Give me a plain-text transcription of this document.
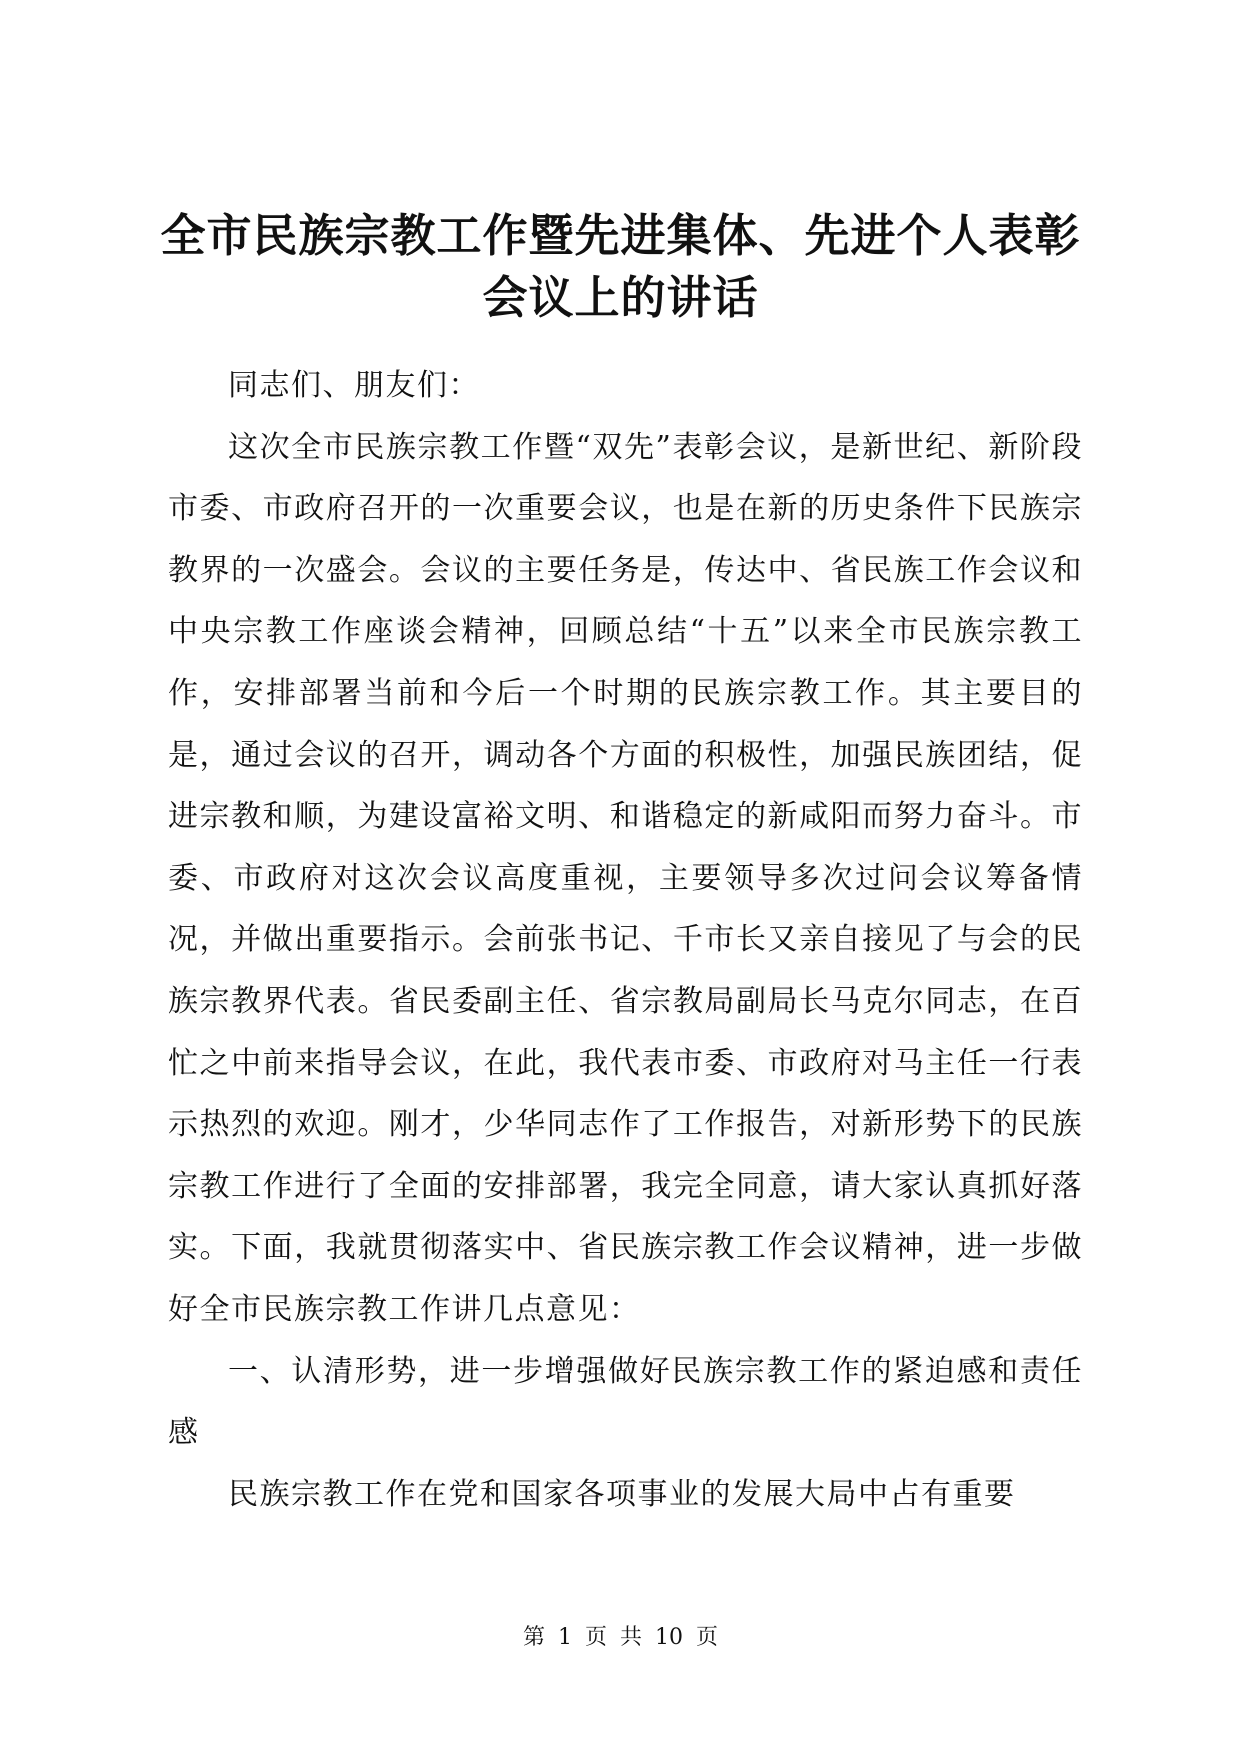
全市民族宗教工作暨先进集体、先进个人表彰
会议上的讲话

同志们、朋友们：

这次全市民族宗教工作暨“双先”表彰会议，是新世纪、新阶段市委、市政府召开的一次重要会议，也是在新的历史条件下民族宗教界的一次盛会。会议的主要任务是，传达中、省民族工作会议和中央宗教工作座谈会精神，回顾总结“十五”以来全市民族宗教工作，安排部署当前和今后一个时期的民族宗教工作。其主要目的是，通过会议的召开，调动各个方面的积极性，加强民族团结，促进宗教和顺，为建设富裕文明、和谐稳定的新咸阳而努力奋斗。市委、市政府对这次会议高度重视，主要领导多次过问会议筹备情况，并做出重要指示。会前张书记、千市长又亲自接见了与会的民族宗教界代表。省民委副主任、省宗教局副局长马克尔同志，在百忙之中前来指导会议，在此，我代表市委、市政府对马主任一行表示热烈的欢迎。刚才，少华同志作了工作报告，对新形势下的民族宗教工作进行了全面的安排部署，我完全同意，请大家认真抓好落实。下面，我就贯彻落实中、省民族宗教工作会议精神，进一步做好全市民族宗教工作讲几点意见：

一、认清形势，进一步增强做好民族宗教工作的紧迫感和责任感

民族宗教工作在党和国家各项事业的发展大局中占有重要

第 1 页 共 10 页
